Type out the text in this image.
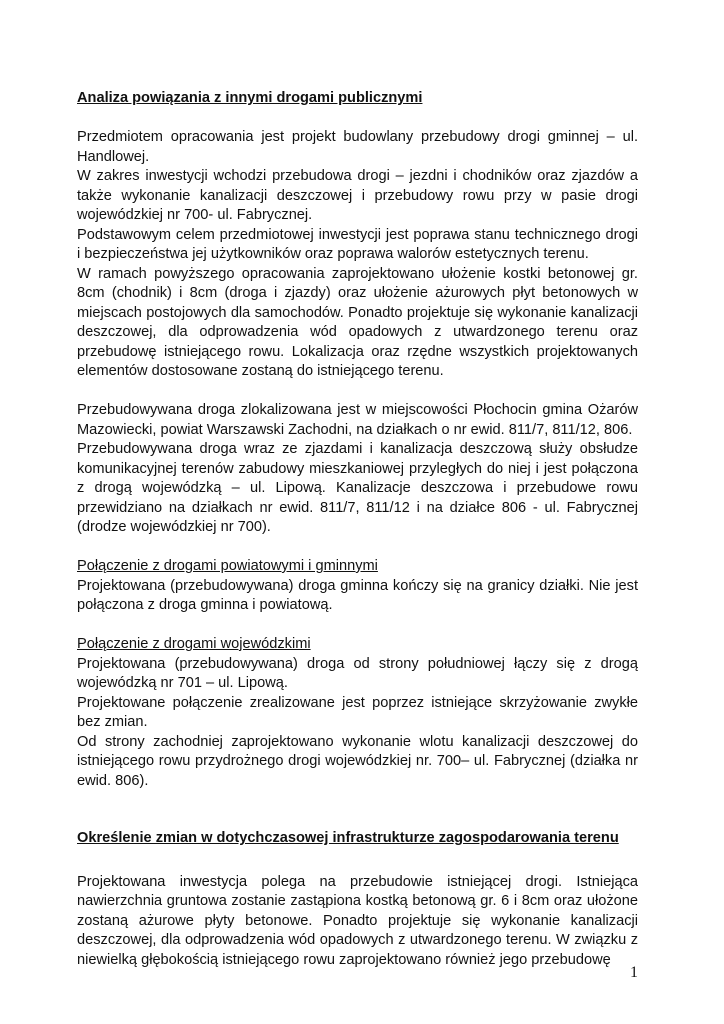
Analiza powiązania z innymi drogami publicznymi

Przedmiotem opracowania jest projekt budowlany przebudowy drogi gminnej – ul. Handlowej.

W zakres inwestycji wchodzi przebudowa drogi – jezdni i chodników oraz zjazdów a także wykonanie kanalizacji deszczowej i przebudowy rowu przy w pasie drogi wojewódzkiej nr 700- ul. Fabrycznej.

Podstawowym celem przedmiotowej inwestycji jest poprawa stanu technicznego drogi i bezpieczeństwa jej użytkowników oraz poprawa walorów estetycznych terenu.

W ramach powyższego opracowania zaprojektowano ułożenie kostki betonowej gr. 8cm (chodnik) i 8cm (droga i zjazdy) oraz ułożenie ażurowych płyt betonowych w miejscach postojowych dla samochodów. Ponadto projektuje się wykonanie kanalizacji deszczowej, dla odprowadzenia wód opadowych z utwardzonego terenu oraz przebudowę istniejącego rowu. Lokalizacja oraz rzędne wszystkich projektowanych elementów dostosowane zostaną do istniejącego terenu.

Przebudowywana droga zlokalizowana jest w miejscowości Płochocin gmina Ożarów Mazowiecki, powiat Warszawski Zachodni, na działkach o nr ewid. 811/7, 811/12, 806.

Przebudowywana droga wraz ze zjazdami i kanalizacja deszczową służy obsłudze komunikacyjnej terenów zabudowy mieszkaniowej przyległych do niej i jest połączona z drogą wojewódzką – ul. Lipową. Kanalizacje deszczowa i przebudowe rowu przewidziano na działkach nr ewid. 811/7, 811/12 i na działce 806 - ul. Fabrycznej (drodze wojewódzkiej nr 700).

Połączenie z drogami powiatowymi i gminnymi

Projektowana (przebudowywana) droga gminna kończy się na granicy działki. Nie jest połączona z droga gminna i powiatową.

Połączenie z drogami wojewódzkimi

Projektowana (przebudowywana) droga od strony południowej łączy się z drogą wojewódzką nr 701 – ul. Lipową.

Projektowane połączenie zrealizowane jest poprzez istniejące skrzyżowanie zwykłe bez zmian.

Od strony zachodniej zaprojektowano wykonanie wlotu kanalizacji deszczowej do istniejącego rowu przydrożnego drogi wojewódzkiej nr. 700– ul. Fabrycznej (działka nr ewid. 806).

Określenie zmian w dotychczasowej infrastrukturze zagospodarowania terenu

Projektowana inwestycja polega na przebudowie istniejącej drogi. Istniejąca nawierzchnia gruntowa zostanie zastąpiona kostką betonową gr. 6 i 8cm oraz ułożone zostaną ażurowe płyty betonowe. Ponadto projektuje się wykonanie kanalizacji deszczowej, dla odprowadzenia wód opadowych z utwardzonego terenu. W związku z niewielką głębokością istniejącego rowu zaprojektowano również jego przebudowę

1
